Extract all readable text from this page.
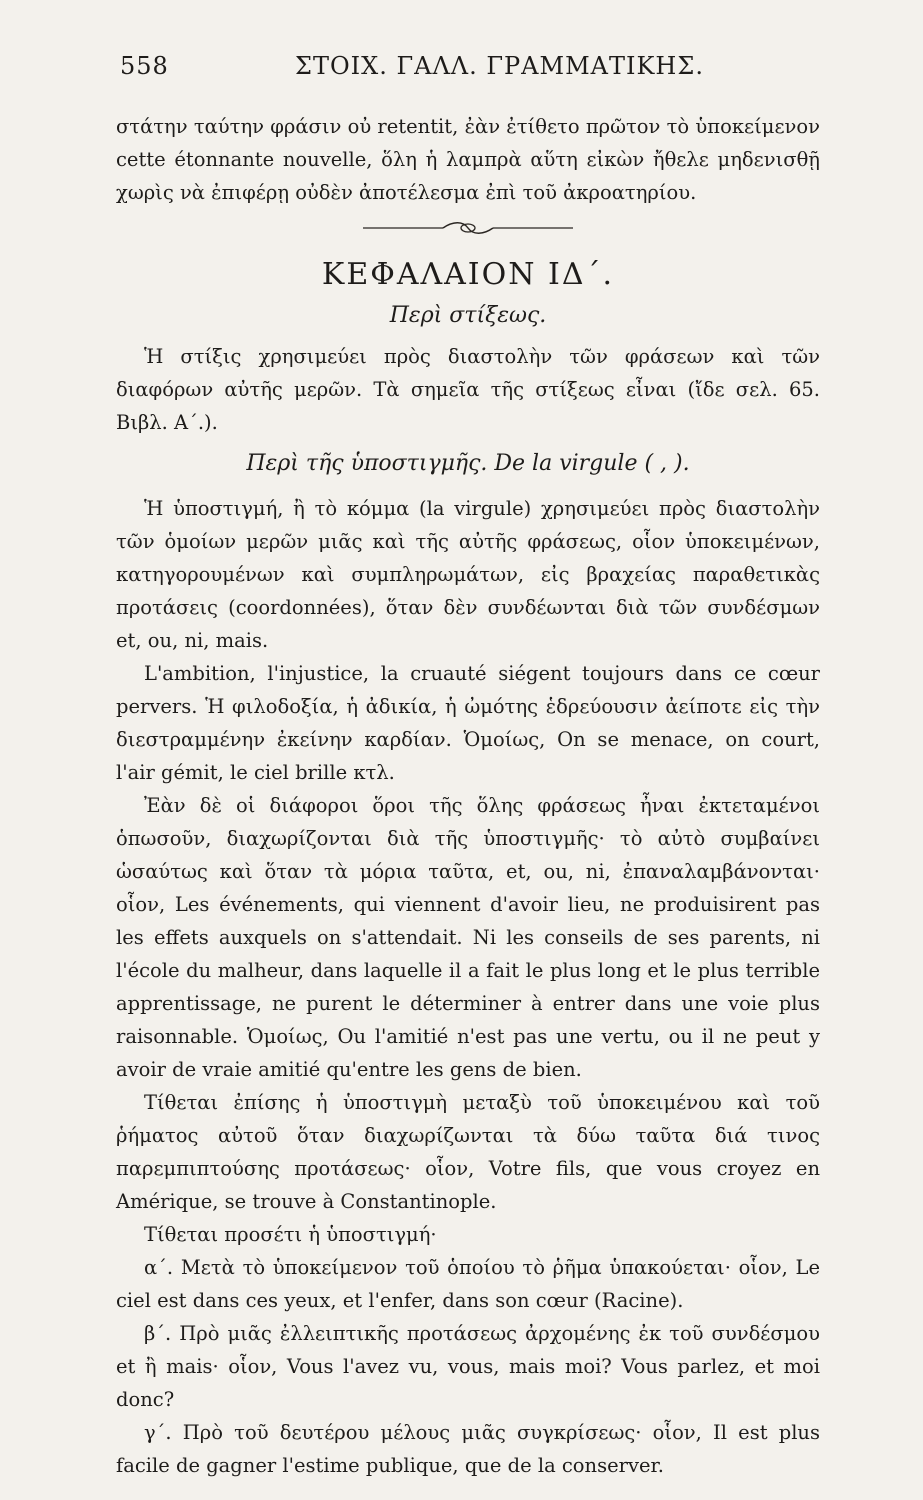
558	ΣΤΟΙΧ. ΓΑΛΛ. ΓΡΑΜΜΑΤΙΚΗΣ.

στάτην ταύτην φράσιν οὐ retentit, ἐὰν ἐτίθετο πρῶτον τὸ ὑποκείμενον cette étonnante nouvelle, ὅλη ἡ λαμπρὰ αὕτη εἰκὼν ἤθελε μηδενισθῇ χωρὶς νὰ ἐπιφέρῃ οὐδὲν ἀποτέλεσμα ἐπὶ τοῦ ἀκροατηρίου.

ΚΕΦΑΛΑΙΟΝ ΙΔ΄.
Περὶ στίξεως.

Ἡ στίξις χρησιμεύει πρὸς διαστολὴν τῶν φράσεων καὶ τῶν διαφόρων αὐτῆς μερῶν. Τὰ σημεῖα τῆς στίξεως εἶναι (ἴδε σελ. 65. Βιβλ. Α΄.).

Περὶ τῆς ὑποστιγμῆς. De la virgule ( , ).

Ἡ ὑποστιγμή, ἢ τὸ κόμμα (la virgule) χρησιμεύει πρὸς διαστολὴν τῶν ὁμοίων μερῶν μιᾶς καὶ τῆς αὐτῆς φράσεως, οἷον ὑποκειμένων, κατηγορουμένων καὶ συμπληρωμάτων, εἰς βραχείας παραθετικὰς προτάσεις (coordonnées), ὅταν δὲν συνδέωνται διὰ τῶν συνδέσμων et, ou, ni, mais.

L'ambition, l'injustice, la cruauté siégent toujours dans ce cœur pervers. Ἡ φιλοδοξία, ἡ ἀδικία, ἡ ὠμότης ἑδρεύουσιν ἀείποτε εἰς τὴν διεστραμμένην ἐκείνην καρδίαν. Ὁμοίως, On se menace, on court, l'air gémit, le ciel brille κτλ.

Ἐὰν δὲ οἱ διάφοροι ὅροι τῆς ὅλης φράσεως ἦναι ἐκτεταμένοι ὁπωσοῦν, διαχωρίζονται διὰ τῆς ὑποστιγμῆς· τὸ αὐτὸ συμβαίνει ὡσαύτως καὶ ὅταν τὰ μόρια ταῦτα, et, ou, ni, ἐπαναλαμβάνονται· οἷον, Les événements, qui viennent d'avoir lieu, ne produisirent pas les effets auxquels on s'attendait. Ni les conseils de ses parents, ni l'école du malheur, dans laquelle il a fait le plus long et le plus terrible apprentissage, ne purent le déterminer à entrer dans une voie plus raisonnable. Ὁμοίως, Ou l'amitié n'est pas une vertu, ou il ne peut y avoir de vraie amitié qu'entre les gens de bien.

Τίθεται ἐπίσης ἡ ὑποστιγμὴ μεταξὺ τοῦ ὑποκειμένου καὶ τοῦ ῥήματος αὐτοῦ ὅταν διαχωρίζωνται τὰ δύω ταῦτα διά τινος παρεμπιπτούσης προτάσεως· οἷον, Votre fils, que vous croyez en Amérique, se trouve à Constantinople.

Τίθεται προσέτι ἡ ὑποστιγμή·

α΄. Μετὰ τὸ ὑποκείμενον τοῦ ὁποίου τὸ ῥῆμα ὑπακούεται· οἷον, Le ciel est dans ces yeux, et l'enfer, dans son cœur (Racine).

β΄. Πρὸ μιᾶς ἐλλειπτικῆς προτάσεως ἀρχομένης ἐκ τοῦ συνδέσμου et ἢ mais· οἷον, Vous l'avez vu, vous, mais moi? Vous parlez, et moi donc?

γ΄. Πρὸ τοῦ δευτέρου μέλους μιᾶς συγκρίσεως· οἷον, Il est plus facile de gagner l'estime publique, que de la conserver.
